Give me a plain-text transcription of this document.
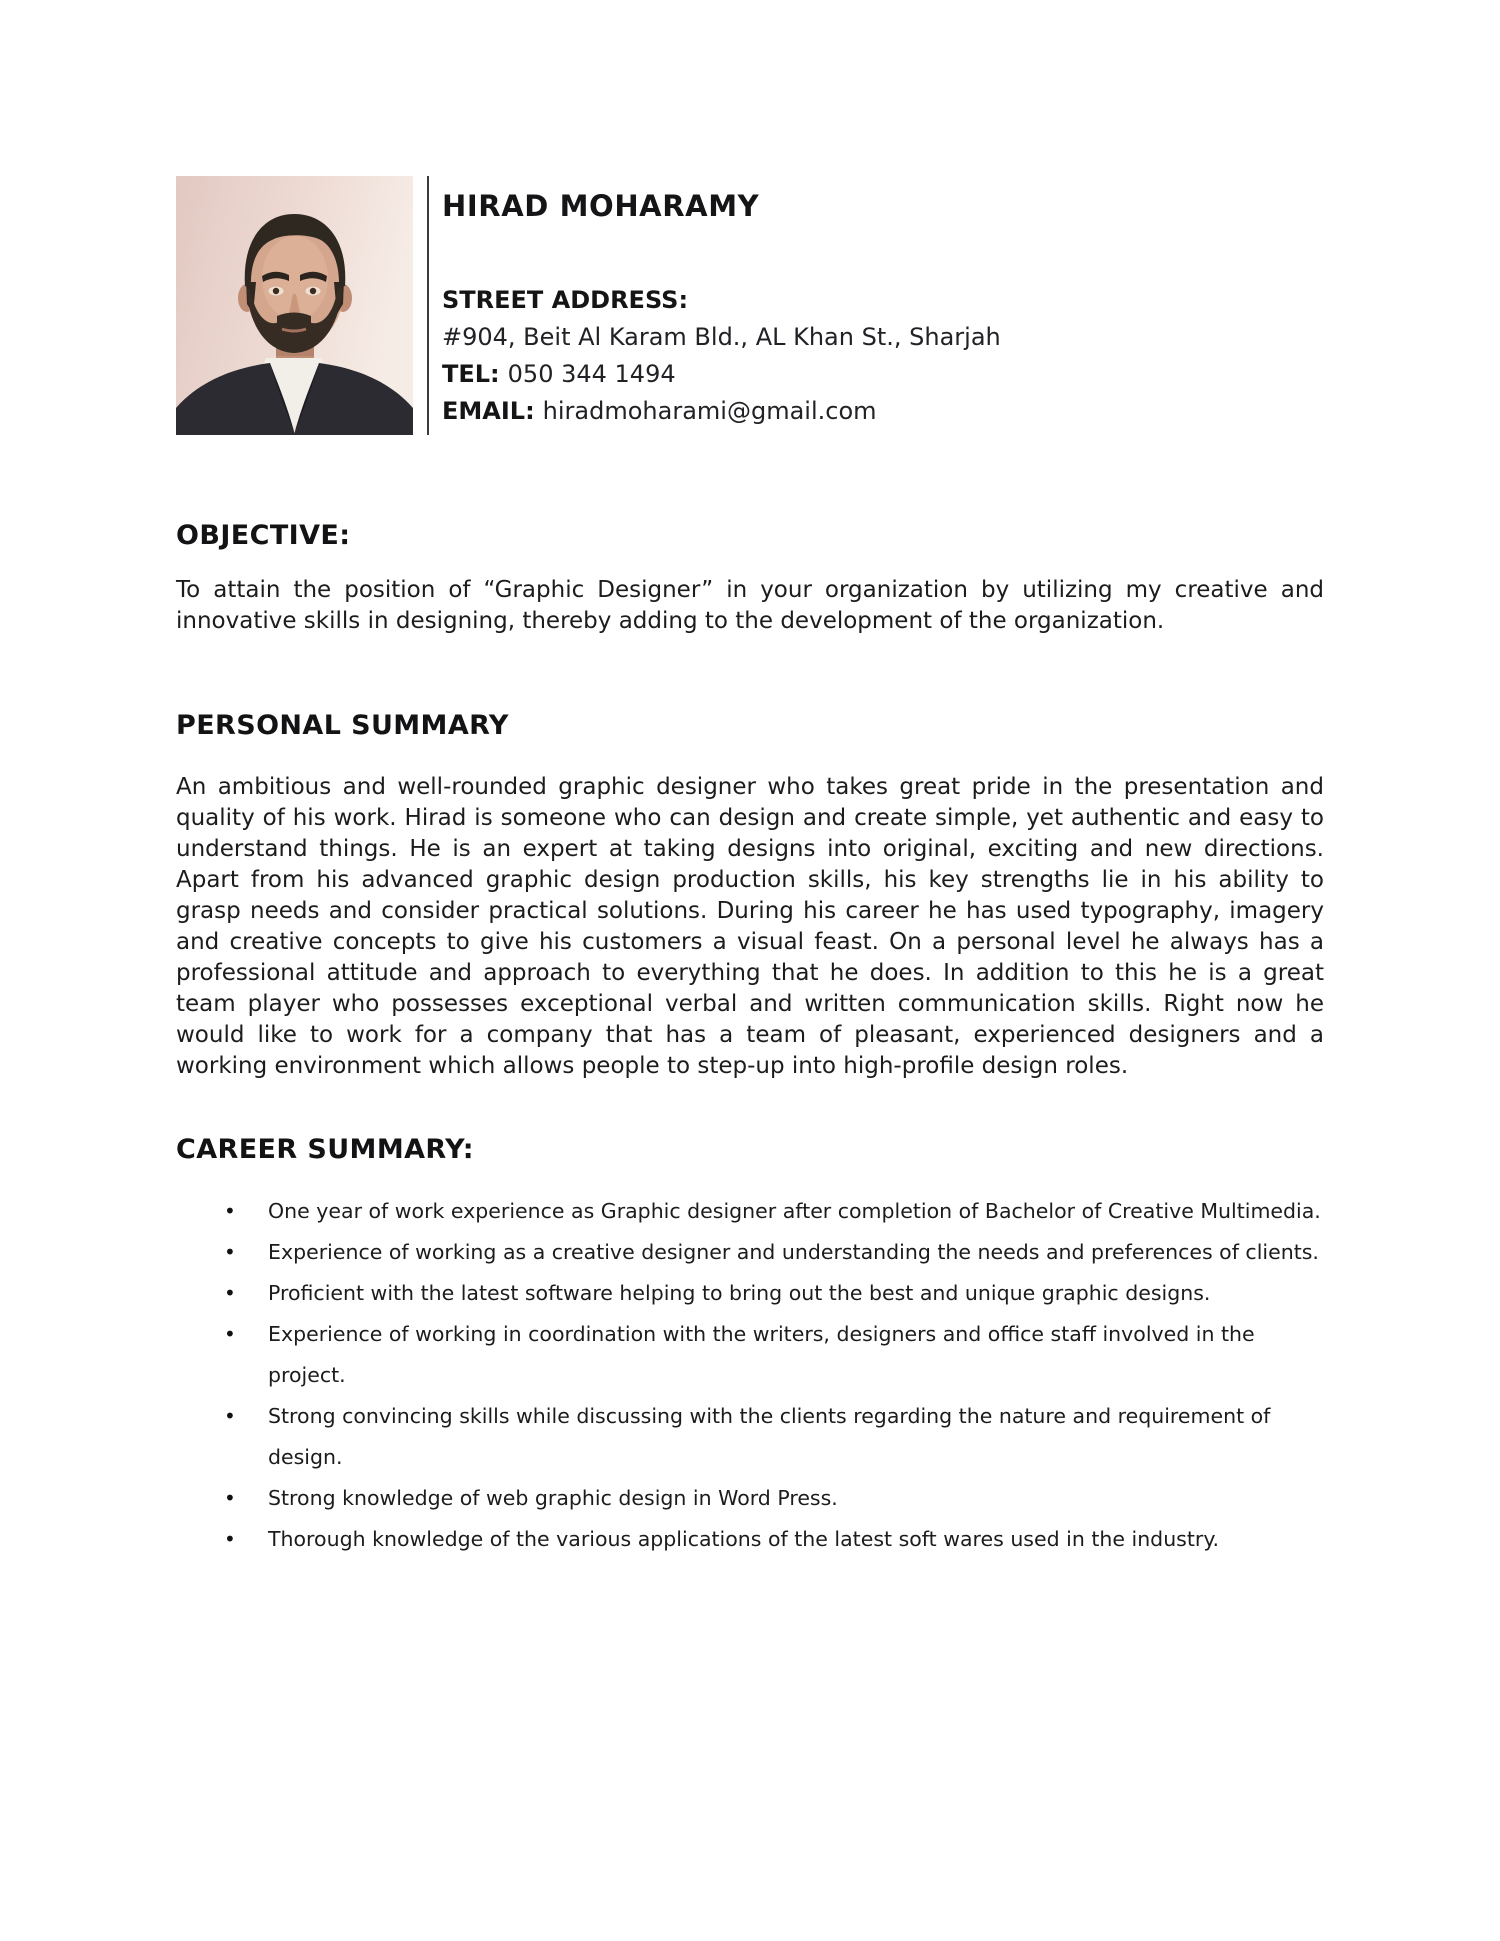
HIRAD MOHARAMY
STREET ADDRESS:
#904, Beit Al Karam Bld., AL Khan St., Sharjah
TEL: 050 344 1494
EMAIL: hiradmoharami@gmail.com
OBJECTIVE:

To attain the position of “Graphic Designer” in your organization by utilizing my creative and innovative skills in designing, thereby adding to the development of the organization.

PERSONAL SUMMARY

An ambitious and well-rounded graphic designer who takes great pride in the presentation and quality of his work. Hirad is someone who can design and create simple, yet authentic and easy to understand things. He is an expert at taking designs into original, exciting and new directions. Apart from his advanced graphic design production skills, his key strengths lie in his ability to grasp needs and consider practical solutions. During his career he has used typography, imagery and creative concepts to give his customers a visual feast. On a personal level he always has a professional attitude and approach to everything that he does. In addition to this he is a great team player who possesses exceptional verbal and written communication skills. Right now he would like to work for a company that has a team of pleasant, experienced designers and a working environment which allows people to step-up into high-profile design roles.

CAREER SUMMARY:
• One year of work experience as Graphic designer after completion of Bachelor of Creative Multimedia.
• Experience of working as a creative designer and understanding the needs and preferences of clients.
• Proficient with the latest software helping to bring out the best and unique graphic designs.
• Experience of working in coordination with the writers, designers and office staff involved in the project.
• Strong convincing skills while discussing with the clients regarding the nature and requirement of design.
• Strong knowledge of web graphic design in Word Press.
• Thorough knowledge of the various applications of the latest soft wares used in the industry.
